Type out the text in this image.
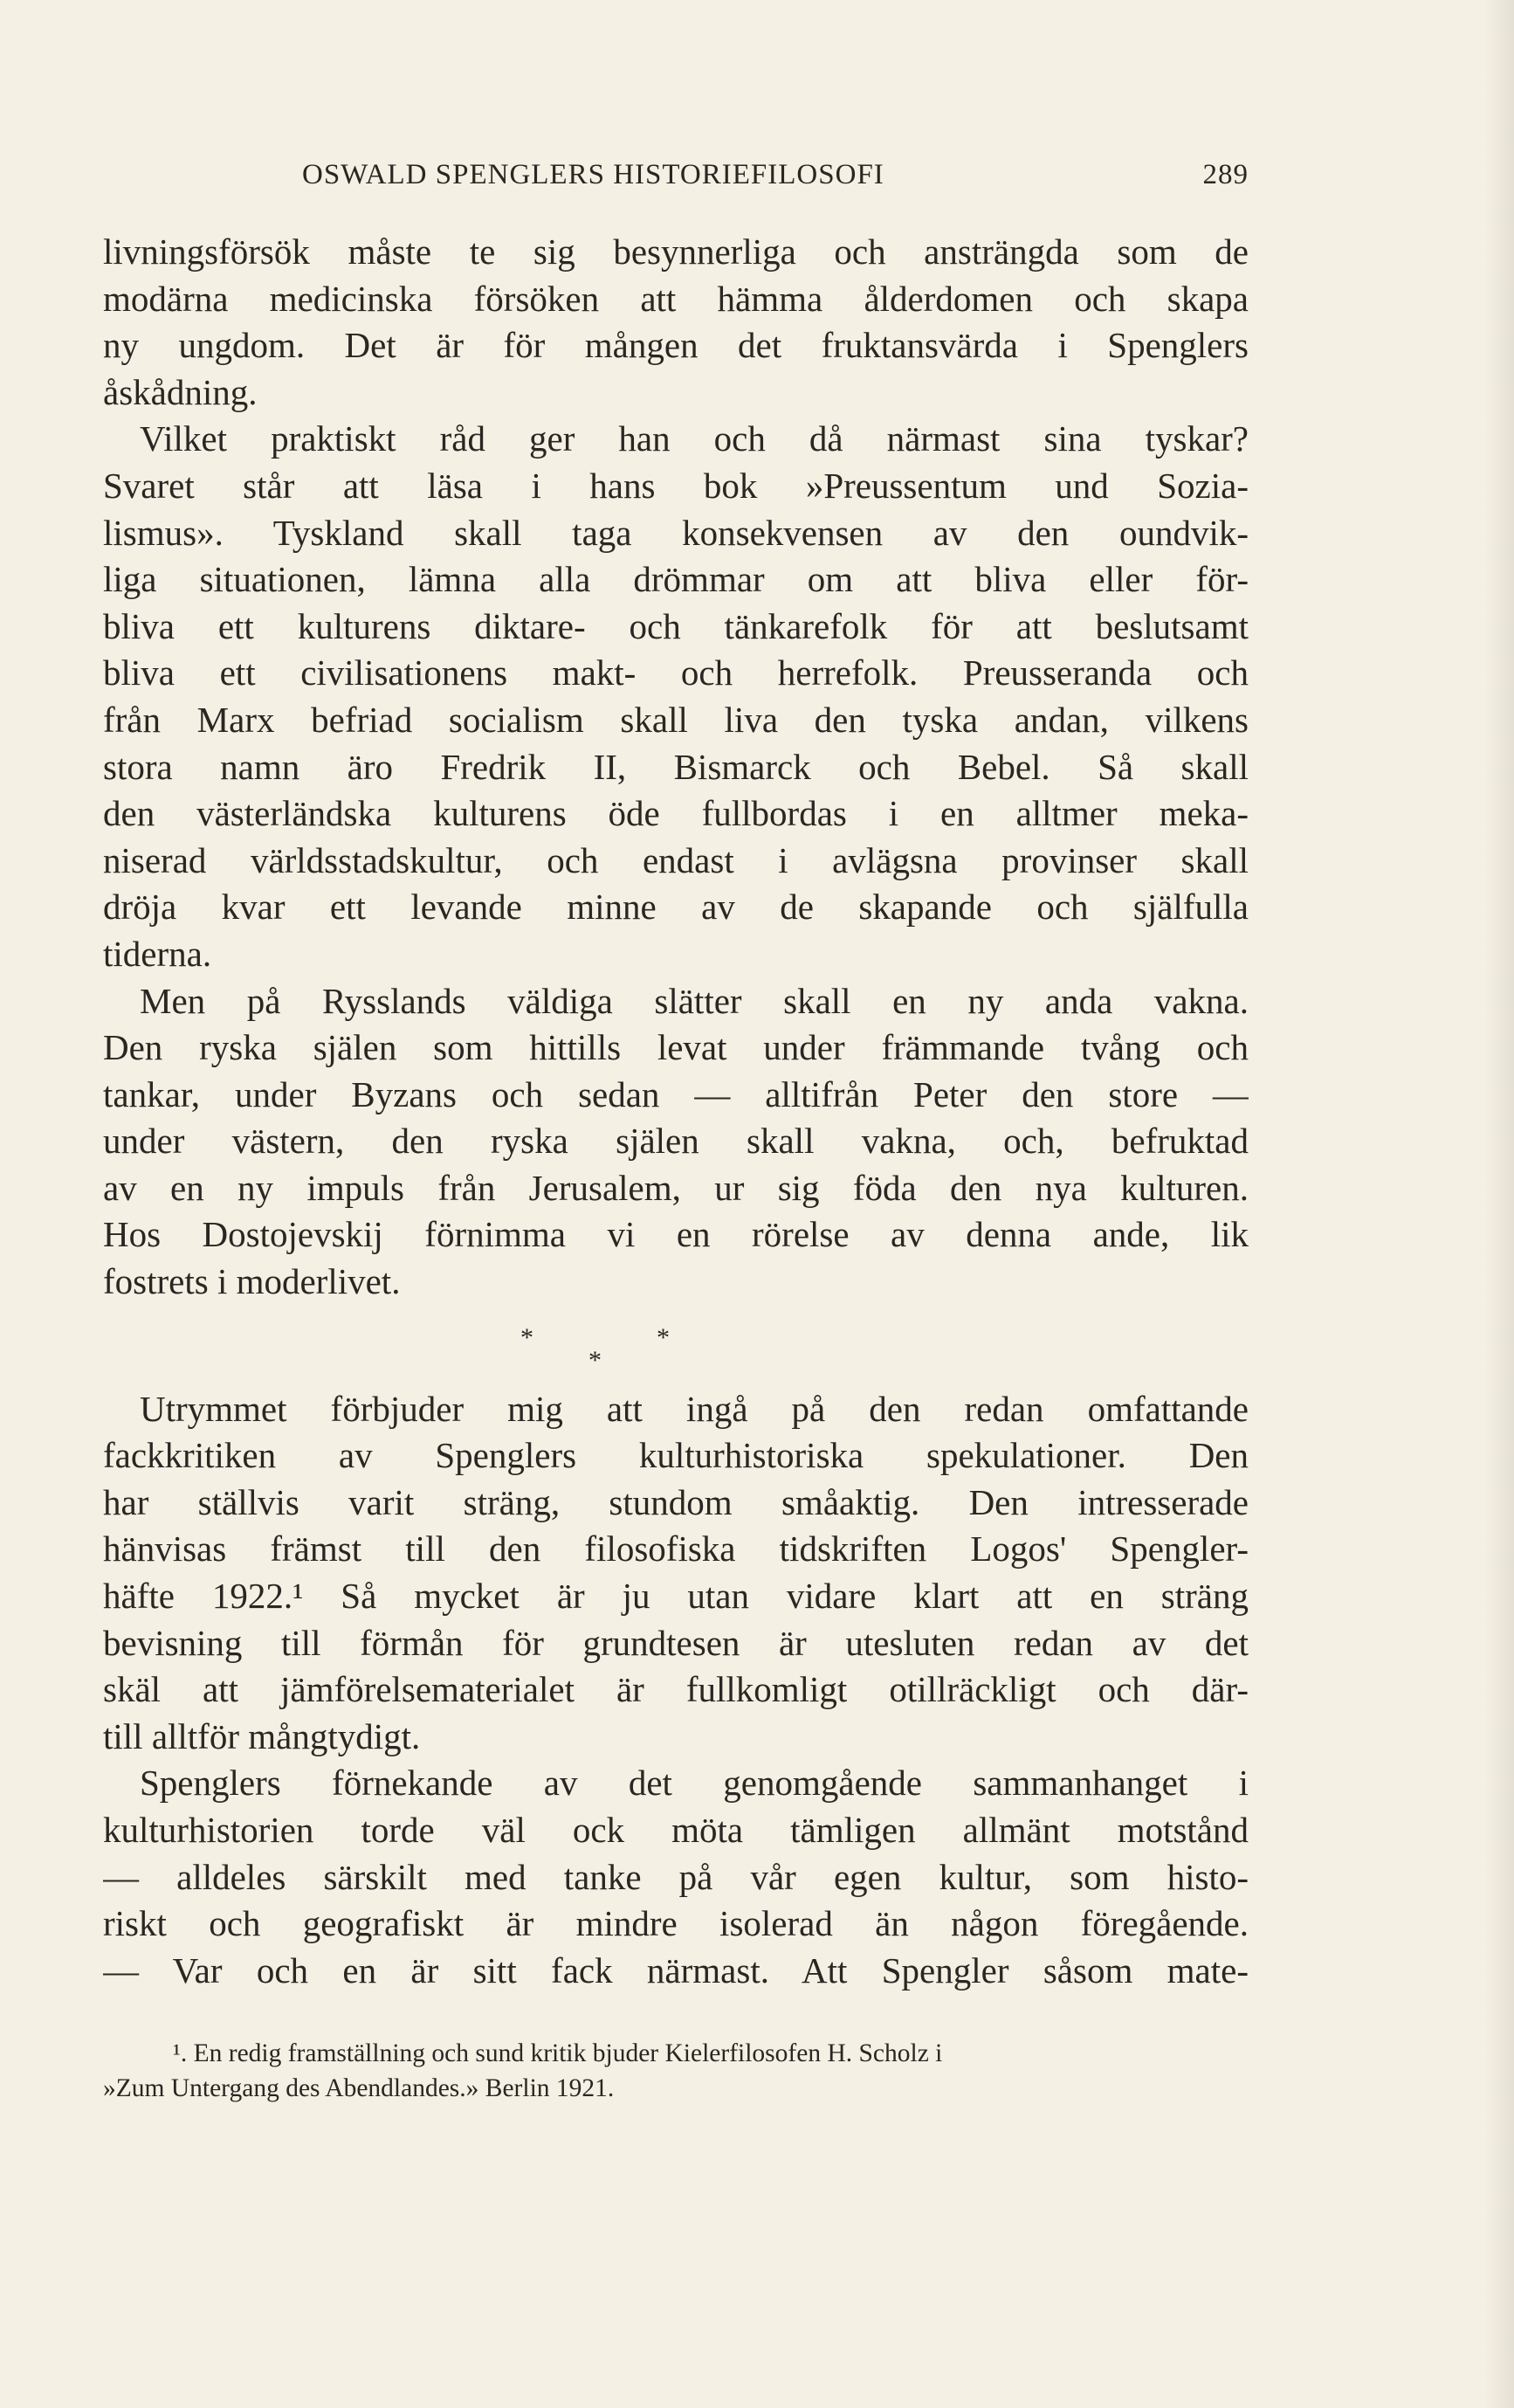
OSWALD SPENGLERS HISTORIEFILOSOFI	289
livningsförsök måste te sig besynnerliga och ansträngda som de
modärna medicinska försöken att hämma ålderdomen och skapa
ny ungdom. Det är för mången det fruktansvärda i Spenglers
åskådning.
Vilket praktiskt råd ger han och då närmast sina tyskar?
Svaret står att läsa i hans bok »Preussentum und Sozia-
lismus». Tyskland skall taga konsekvensen av den oundvik-
liga situationen, lämna alla drömmar om att bliva eller för-
bliva ett kulturens diktare- och tänkarefolk för att beslutsamt
bliva ett civilisationens makt- och herrefolk. Preusseranda och
från Marx befriad socialism skall liva den tyska andan, vilkens
stora namn äro Fredrik II, Bismarck och Bebel. Så skall
den västerländska kulturens öde fullbordas i en alltmer meka-
niserad världsstadskultur, och endast i avlägsna provinser skall
dröja kvar ett levande minne av de skapande och själfulla
tiderna.
Men på Rysslands väldiga slätter skall en ny anda vakna.
Den ryska själen som hittills levat under främmande tvång och
tankar, under Byzans och sedan — alltifrån Peter den store —
under västern, den ryska själen skall vakna, och, befruktad
av en ny impuls från Jerusalem, ur sig föda den nya kulturen.
Hos Dostojevskij förnimma vi en rörelse av denna ande, lik
fostrets i moderlivet.
*	*
*
Utrymmet förbjuder mig att ingå på den redan omfattande
fackkritiken av Spenglers kulturhistoriska spekulationer. Den
har ställvis varit sträng, stundom småaktig. Den intresserade
hänvisas främst till den filosofiska tidskriften Logos' Spengler-
häfte 1922.¹ Så mycket är ju utan vidare klart att en sträng
bevisning till förmån för grundtesen är utesluten redan av det
skäl att jämförelsematerialet är fullkomligt otillräckligt och där-
till alltför mångtydigt.
Spenglers förnekande av det genomgående sammanhanget i
kulturhistorien torde väl ock möta tämligen allmänt motstånd
— alldeles särskilt med tanke på vår egen kultur, som histo-
riskt och geografiskt är mindre isolerad än någon föregående.
— Var och en är sitt fack närmast. Att Spengler såsom mate-
¹. En redig framställning och sund kritik bjuder Kielerfilosofen H. Scholz i
»Zum Untergang des Abendlandes.» Berlin 1921.
